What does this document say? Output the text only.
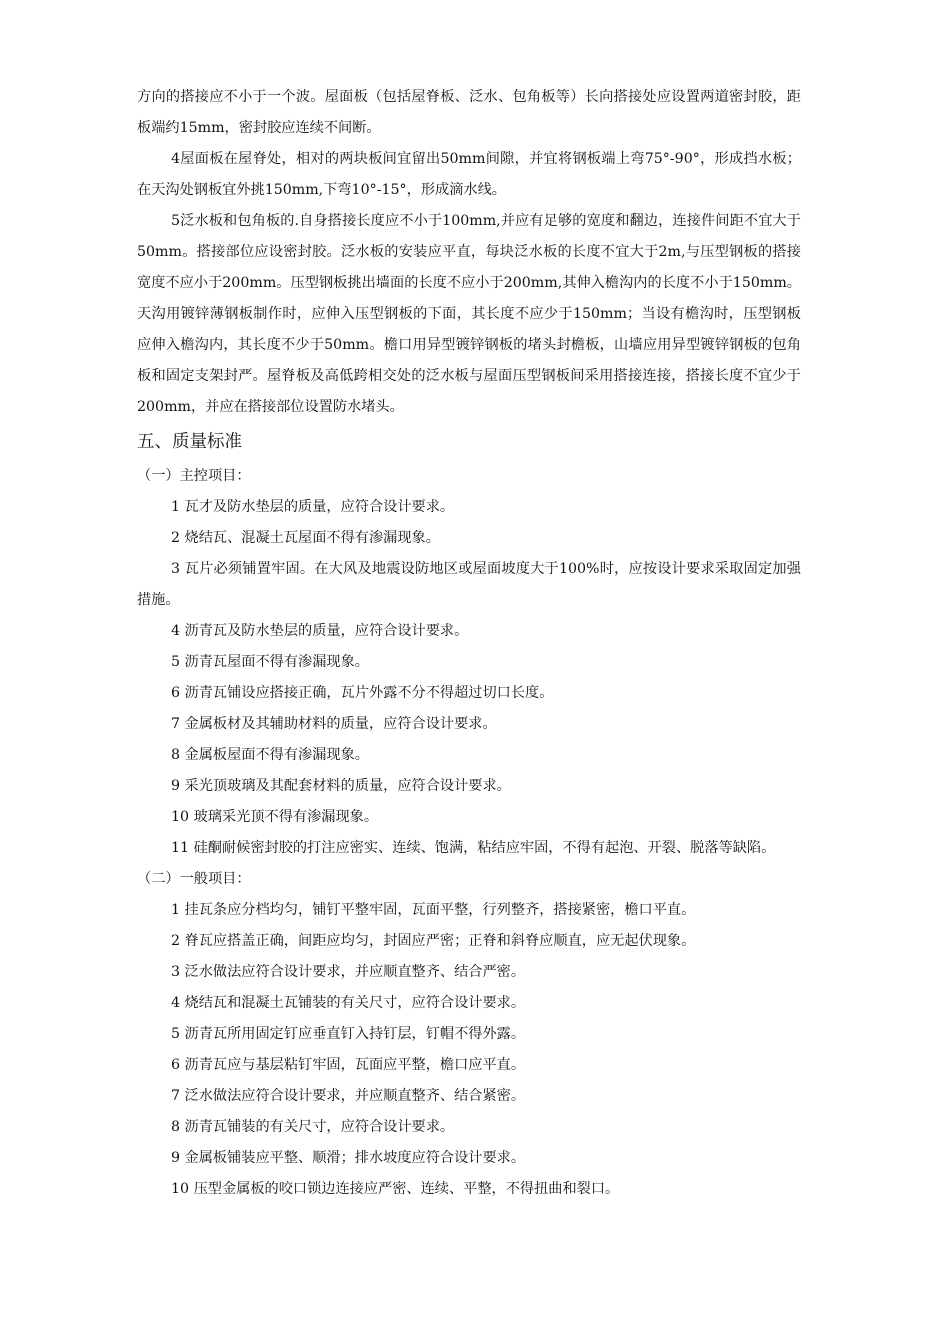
方向的搭接应不小于一个波。屋面板（包括屋脊板、泛水、包角板等）长向搭接处应设置两道密封胶，距板端约15mm，密封胶应连续不间断。

4屋面板在屋脊处，相对的两块板间宜留出50mm间隙，并宜将钢板端上弯75°-90°，形成挡水板；在天沟处钢板宜外挑150mm,下弯10°-15°，形成滴水线。

5泛水板和包角板的.自身搭接长度应不小于100mm,并应有足够的宽度和翻边，连接件间距不宜大于50mm。搭接部位应设密封胶。泛水板的安装应平直，每块泛水板的长度不宜大于2m,与压型钢板的搭接宽度不应小于200mm。压型钢板挑出墙面的长度不应小于200mm,其伸入檐沟内的长度不小于150mm。天沟用镀锌薄钢板制作时，应伸入压型钢板的下面，其长度不应少于150mm；当设有檐沟时，压型钢板应伸入檐沟内，其长度不少于50mm。檐口用异型镀锌钢板的堵头封檐板，山墙应用异型镀锌钢板的包角板和固定支架封严。屋脊板及高低跨相交处的泛水板与屋面压型钢板间采用搭接连接，搭接长度不宜少于200mm，并应在搭接部位设置防水堵头。

五、质量标准

（一）主控项目：

1 瓦才及防水垫层的质量，应符合设计要求。

2 烧结瓦、混凝土瓦屋面不得有渗漏现象。

3 瓦片必须铺置牢固。在大风及地震设防地区或屋面坡度大于100%时，应按设计要求采取固定加强措施。

4 沥青瓦及防水垫层的质量，应符合设计要求。

5 沥青瓦屋面不得有渗漏现象。

6 沥青瓦铺设应搭接正确，瓦片外露不分不得超过切口长度。

7 金属板材及其辅助材料的质量，应符合设计要求。

8 金属板屋面不得有渗漏现象。

9 采光顶玻璃及其配套材料的质量，应符合设计要求。

10 玻璃采光顶不得有渗漏现象。

11 硅酮耐候密封胶的打注应密实、连续、饱满，粘结应牢固，不得有起泡、开裂、脱落等缺陷。

（二）一般项目：

1 挂瓦条应分档均匀，铺钉平整牢固，瓦面平整，行列整齐，搭接紧密，檐口平直。

2 脊瓦应搭盖正确，间距应均匀，封固应严密；正脊和斜脊应顺直，应无起伏现象。

3 泛水做法应符合设计要求，并应顺直整齐、结合严密。

4 烧结瓦和混凝土瓦铺装的有关尺寸，应符合设计要求。

5 沥青瓦所用固定钉应垂直钉入持钉层，钉帽不得外露。

6 沥青瓦应与基层粘钉牢固，瓦面应平整，檐口应平直。

7 泛水做法应符合设计要求，并应顺直整齐、结合紧密。

8 沥青瓦铺装的有关尺寸，应符合设计要求。

9 金属板铺装应平整、顺滑；排水坡度应符合设计要求。

10 压型金属板的咬口锁边连接应严密、连续、平整，不得扭曲和裂口。
